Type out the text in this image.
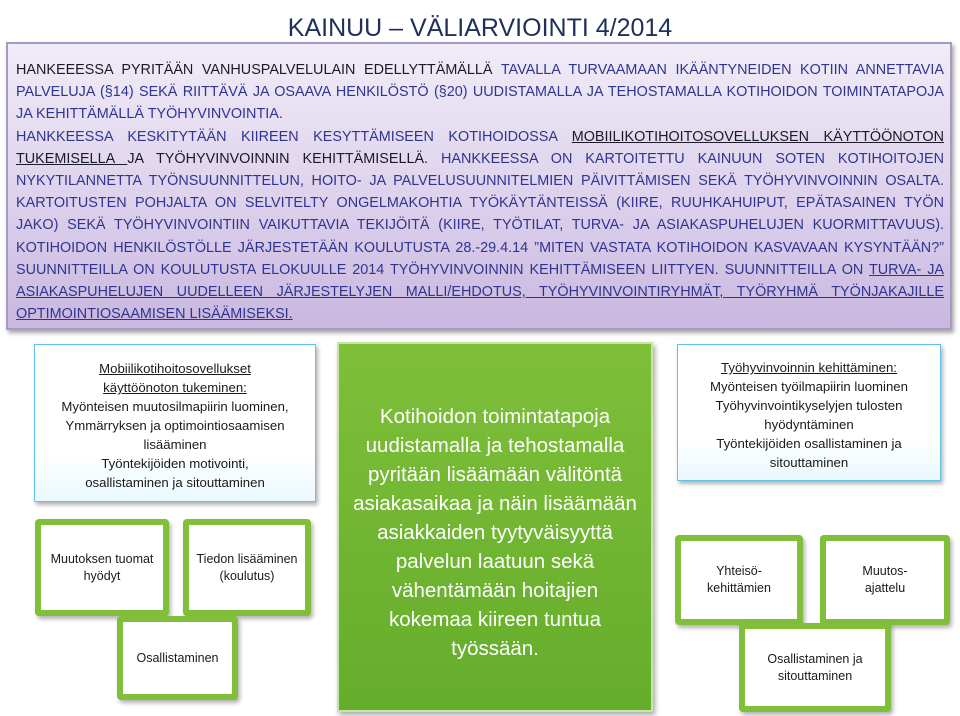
KAINUU – VÄLIARVIOINTI 4/2014

HANKEEESSA PYRITÄÄN VANHUSPALVELULAIN EDELLYTTÄMÄLLÄ TAVALLA TURVAAMAAN IKÄÄNTYNEIDEN KOTIIN ANNETTAVIA PALVELUJA (§14) SEKÄ RIITTÄVÄ JA OSAAVA HENKILÖSTÖ (§20) UUDISTAMALLA JA TEHOSTAMALLA KOTIHOIDON TOIMINTATAPOJA JA KEHITTÄMÄLLÄ TYÖHYVINVOINTIA.

HANKKEESSA KESKITYTÄÄN KIIREEN KESYTTÄMISEEN KOTIHOIDOSSA MOBIILIKOTIHOITOSOVELLUKSEN KÄYTTÖÖNOTON TUKEMISELLA JA TYÖHYVINVOINNIN KEHITTÄMISELLÄ. HANKKEESSA ON KARTOITETTU KAINUUN SOTEN KOTIHOITOJEN NYKYTILANNETTA TYÖNSUUNNITTELUN, HOITO- JA PALVELUSUUNNITELMIEN PÄIVITTÄMISEN SEKÄ TYÖHYVINVOINNIN OSALTA. KARTOITUSTEN POHJALTA ON SELVITELTY ONGELMAKOHTIA TYÖKÄYTÄNTEISSÄ (KIIRE, RUUHKAHUIPUT, EPÄTASAINEN TYÖN JAKO) SEKÄ TYÖHYVINVOINTIIN VAIKUTTAVIA TEKIJÖITÄ (KIIRE, TYÖTILAT, TURVA- JA ASIAKASPUHELUJEN KUORMITTAVUUS). KOTIHOIDON HENKILÖSTÖLLE JÄRJESTETÄÄN KOULUTUSTA 28.-29.4.14 ”MITEN VASTATA KOTIHOIDON KASVAVAAN KYSYNTÄÄN?” SUUNNITTEILLA ON KOULUTUSTA ELOKUULLE 2014 TYÖHYVINVOINNIN KEHITTÄMISEEN LIITTYEN. SUUNNITTEILLA ON TURVA- JA ASIAKASPUHELUJEN UUDELLEEN JÄRJESTELYJEN MALLI/EHDOTUS, TYÖHYVINVOINTIRYHMÄT, TYÖRYHMÄ TYÖNJAKAJILLE OPTIMOINTIOSAAMISEN LISÄÄMISEKSI.

Mobiilikotihoitosovellukset käyttöönoton tukeminen:
Myönteisen muutosilmapiirin luominen, Ymmärryksen ja optimointiosaamisen lisääminen
Työntekijöiden motivointi, osallistaminen ja sitouttaminen
Muutoksen tuomat hyödyt
Tiedon lisääminen (koulutus)
Osallistaminen
Kotihoidon toimintatapoja uudistamalla ja tehostamalla pyritään lisäämään välitöntä asiakasaikaa ja näin lisäämään asiakkaiden tyytyväisyyttä palvelun laatuun sekä vähentämään hoitajien kokemaa kiireen tuntua työssään.
Työhyvinvoinnin kehittäminen:
Myönteisen työilmapiirin luominen
Työhyvinvointikyselyjen tulosten hyödyntäminen
Työntekijöiden osallistaminen ja sitouttaminen
Yhteisö-kehittämien
Muutos-ajattelu
Osallistaminen ja sitouttaminen
